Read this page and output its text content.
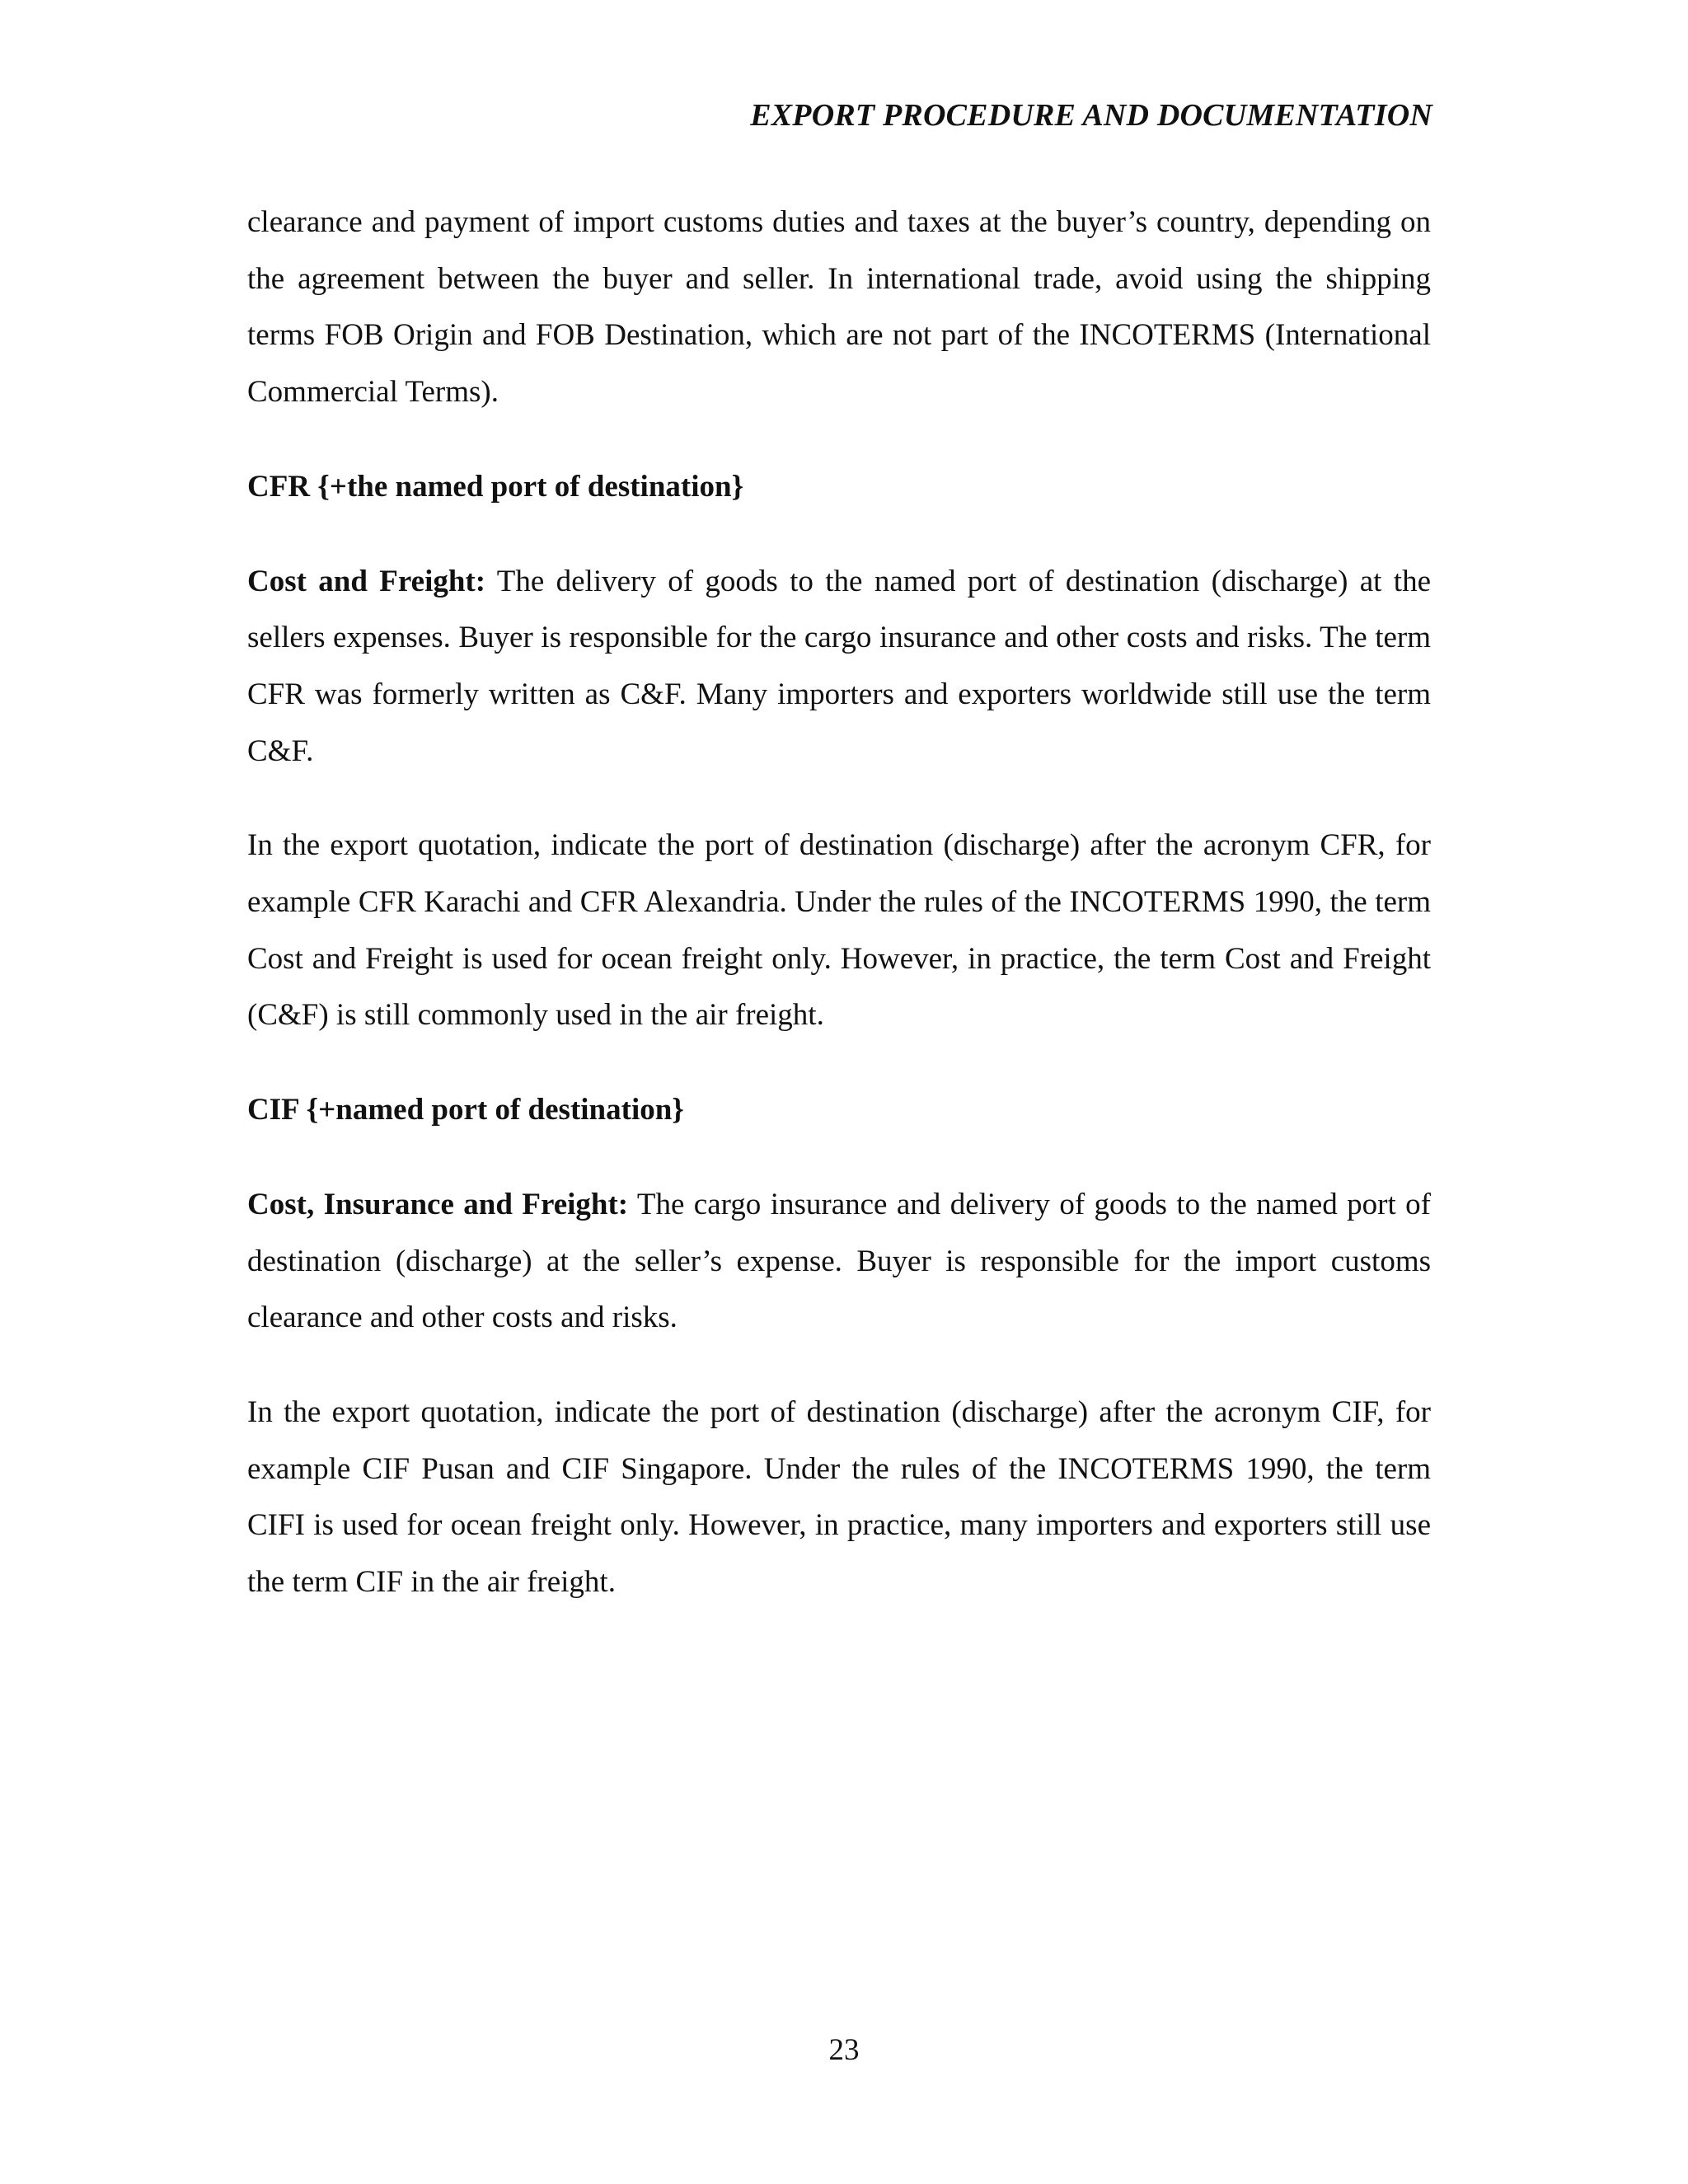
EXPORT PROCEDURE AND DOCUMENTATION

clearance and payment of import customs duties and taxes at the buyer’s country, depending on the agreement between the buyer and seller. In international trade, avoid using the shipping terms FOB Origin and FOB Destination, which are not part of the INCOTERMS (International Commercial Terms).

CFR {+the named port of destination}

Cost and Freight: The delivery of goods to the named port of destination (discharge) at the sellers expenses. Buyer is responsible for the cargo insurance and other costs and risks. The term CFR was formerly written as C&F. Many importers and exporters worldwide still use the term C&F.

In the export quotation, indicate the port of destination (discharge) after the acronym CFR, for example CFR Karachi and CFR Alexandria. Under the rules of the INCOTERMS 1990, the term Cost and Freight is used for ocean freight only. However, in practice, the term Cost and Freight (C&F) is still commonly used in the air freight.

CIF {+named port of destination}

Cost, Insurance and Freight: The cargo insurance and delivery of goods to the named port of destination (discharge) at the seller’s expense. Buyer is responsible for the import customs clearance and other costs and risks.

In the export quotation, indicate the port of destination (discharge) after the acronym CIF, for example CIF Pusan and CIF Singapore. Under the rules of the INCOTERMS 1990, the term CIFI is used for ocean freight only. However, in practice, many importers and exporters still use the term CIF in the air freight.

23
